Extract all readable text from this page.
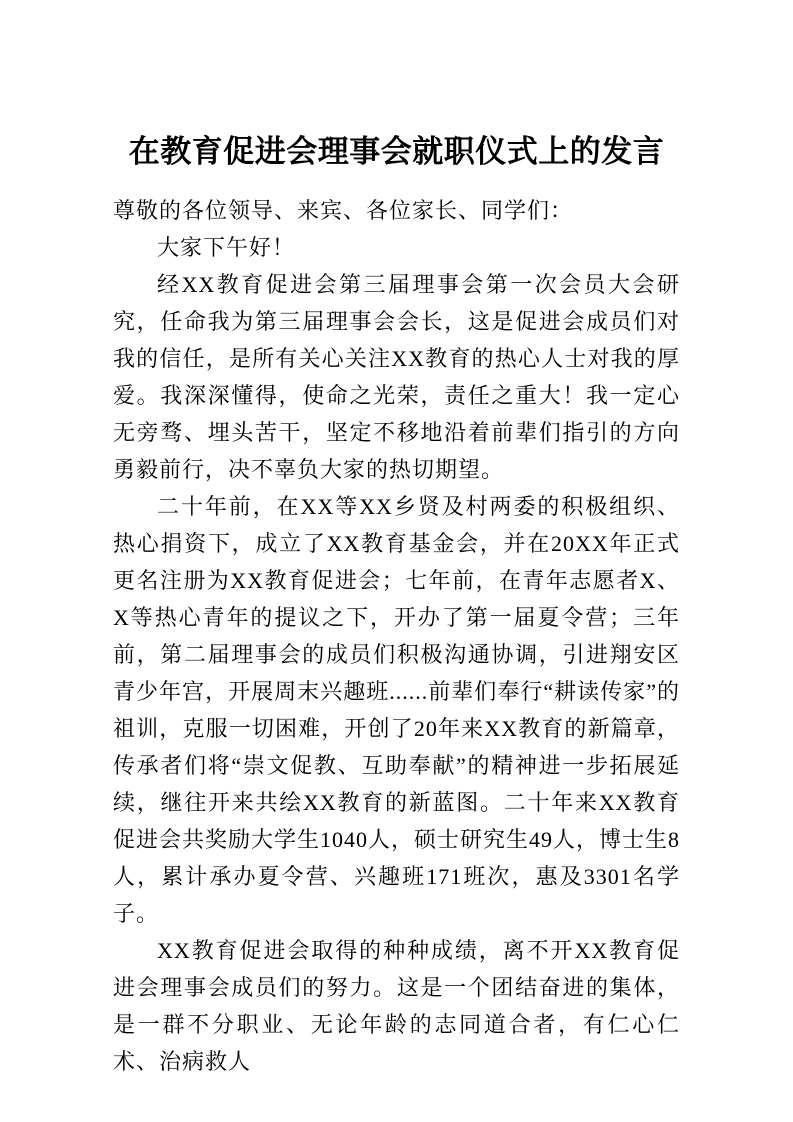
在教育促进会理事会就职仪式上的发言

尊敬的各位领导、来宾、各位家长、同学们：

大家下午好！

经XX教育促进会第三届理事会第一次会员大会研究，任命我为第三届理事会会长，这是促进会成员们对我的信任，是所有关心关注XX教育的热心人士对我的厚爱。我深深懂得，使命之光荣，责任之重大！我一定心无旁骛、埋头苦干，坚定不移地沿着前辈们指引的方向勇毅前行，决不辜负大家的热切期望。

二十年前，在XX等XX乡贤及村两委的积极组织、热心捐资下，成立了XX教育基金会，并在20XX年正式更名注册为XX教育促进会；七年前，在青年志愿者X、X等热心青年的提议之下，开办了第一届夏令营；三年前，第二届理事会的成员们积极沟通协调，引进翔安区青少年宫，开展周末兴趣班......前辈们奉行“耕读传家”的祖训，克服一切困难，开创了20年来XX教育的新篇章，传承者们将“崇文促教、互助奉献”的精神进一步拓展延续，继往开来共绘XX教育的新蓝图。二十年来XX教育促进会共奖励大学生1040人，硕士研究生49人，博士生8人，累计承办夏令营、兴趣班171班次，惠及3301名学子。

XX教育促进会取得的种种成绩，离不开XX教育促进会理事会成员们的努力。这是一个团结奋进的集体，是一群不分职业、无论年龄的志同道合者，有仁心仁术、治病救人
